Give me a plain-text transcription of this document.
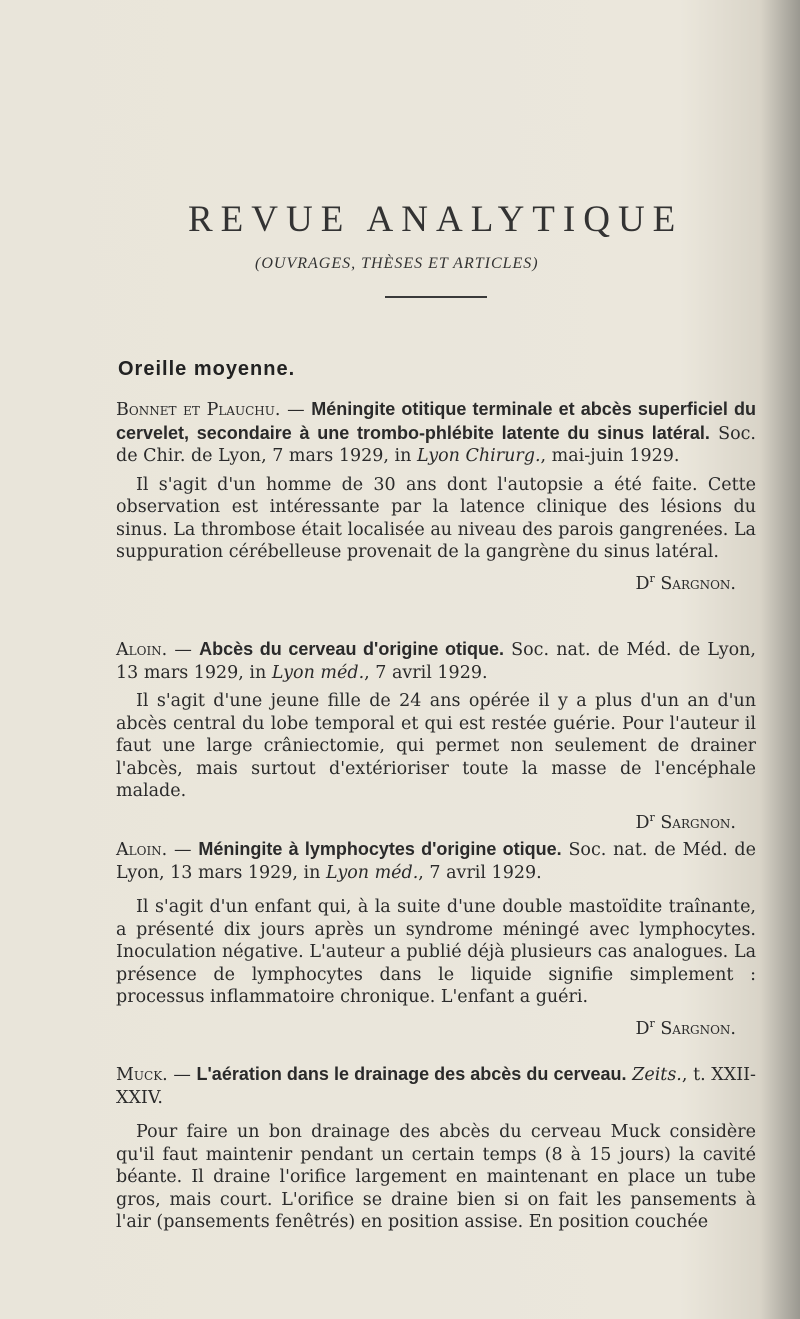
REVUE ANALYTIQUE
(OUVRAGES, THÈSES ET ARTICLES)
Oreille moyenne.
Bonnet et Plauchu. — Méningite otitique terminale et abcès superficiel du cervelet, secondaire à une trombo-phlébite latente du sinus latéral. Soc. de Chir. de Lyon, 7 mars 1929, in Lyon Chirurg., mai-juin 1929.
Il s'agit d'un homme de 30 ans dont l'autopsie a été faite. Cette observation est intéressante par la latence clinique des lésions du sinus. La thrombose était localisée au niveau des parois gangrenées. La suppuration cérébelleuse provenait de la gangrène du sinus latéral.
$D^r$ Sargnon.
Aloin. — Abcès du cerveau d'origine otique. Soc. nat. de Méd. de Lyon, 13 mars 1929, in Lyon méd., 7 avril 1929.
Il s'agit d'une jeune fille de 24 ans opérée il y a plus d'un an d'un abcès central du lobe temporal et qui est restée guérie. Pour l'auteur il faut une large crâniectomie, qui permet non seulement de drainer l'abcès, mais surtout d'extérioriser toute la masse de l'encéphale malade.
$D^r$ Sargnon.
Aloin. — Méningite à lymphocytes d'origine otique. Soc. nat. de Méd. de Lyon, 13 mars 1929, in Lyon méd., 7 avril 1929.
Il s'agit d'un enfant qui, à la suite d'une double mastoïdite traînante, a présenté dix jours après un syndrome méningé avec lymphocytes. Inoculation négative. L'auteur a publié déjà plusieurs cas analogues. La présence de lymphocytes dans le liquide signifie simplement : processus inflammatoire chronique. L'enfant a guéri.
$D^r$ Sargnon.
Muck. — L'aération dans le drainage des abcès du cerveau. Zeits., t. XXII-XXIV.
Pour faire un bon drainage des abcès du cerveau Muck considère qu'il faut maintenir pendant un certain temps (8 à 15 jours) la cavité béante. Il draine l'orifice largement en maintenant en place un tube gros, mais court. L'orifice se draine bien si on fait les pansements à l'air (pansements fenêtrés) en position assise. En position couchée
